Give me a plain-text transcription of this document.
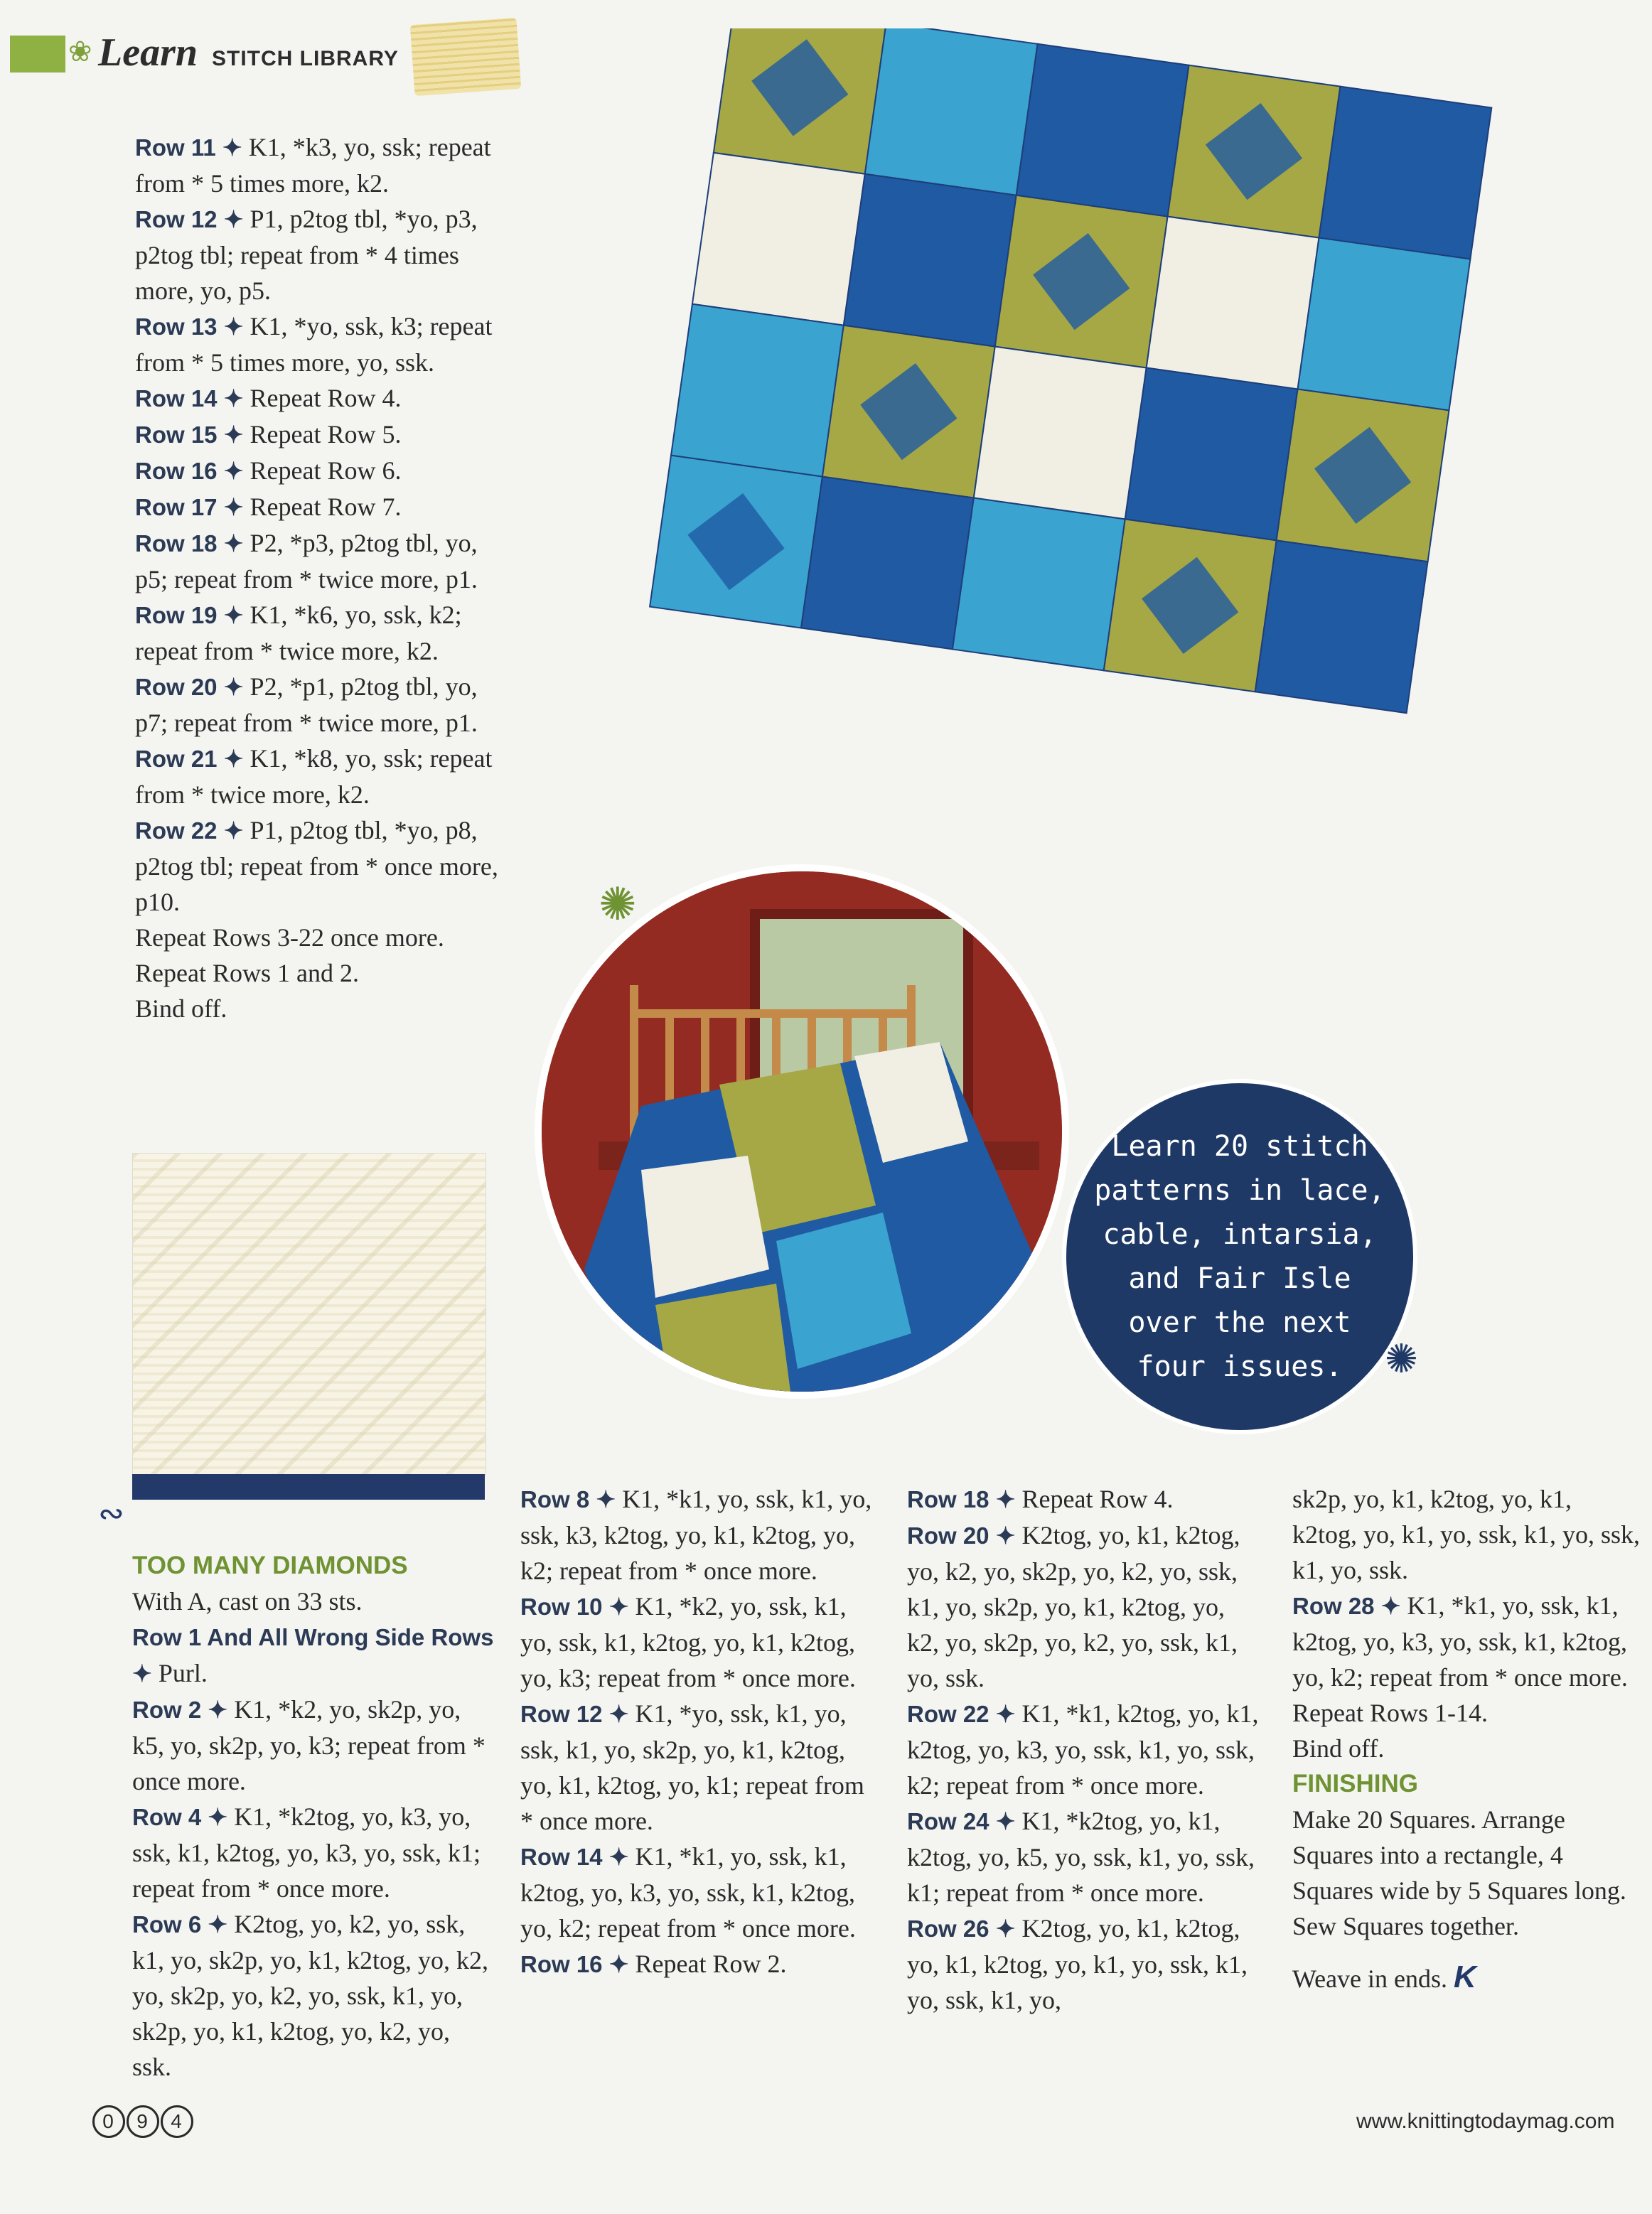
❀ Learn STITCH LIBRARY

Row 11 ✦ K1, *k3, yo, ssk; repeat from * 5 times more, k2.

Row 12 ✦ P1, p2tog tbl, *yo, p3, p2tog tbl; repeat from * 4 times more, yo, p5.

Row 13 ✦ K1, *yo, ssk, k3; repeat from * 5 times more, yo, ssk.

Row 14 ✦ Repeat Row 4.

Row 15 ✦ Repeat Row 5.

Row 16 ✦ Repeat Row 6.

Row 17 ✦ Repeat Row 7.

Row 18 ✦ P2, *p3, p2tog tbl, yo, p5; repeat from * twice more, p1.

Row 19 ✦ K1, *k6, yo, ssk, k2; repeat from * twice more, k2.

Row 20 ✦ P2, *p1, p2tog tbl, yo, p7; repeat from * twice more, p1.

Row 21 ✦ K1, *k8, yo, ssk; repeat from * twice more, k2.

Row 22 ✦ P1, p2tog tbl, *yo, p8, p2tog tbl; repeat from * once more, p10.

Repeat Rows 3-22 once more.

Repeat Rows 1 and 2.

Bind off.

∾
✺
Learn 20 stitch patterns in lace, cable, intarsia, and Fair Isle over the next four issues.	✺

TOO MANY DIAMONDS

With A, cast on 33 sts.

Row 1 And All Wrong Side Rows ✦ Purl.

Row 2 ✦ K1, *k2, yo, sk2p, yo, k5, yo, sk2p, yo, k3; repeat from * once more.

Row 4 ✦ K1, *k2tog, yo, k3, yo, ssk, k1, k2tog, yo, k3, yo, ssk, k1; repeat from * once more.

Row 6 ✦ K2tog, yo, k2, yo, ssk, k1, yo, sk2p, yo, k1, k2tog, yo, k2, yo, sk2p, yo, k2, yo, ssk, k1, yo, sk2p, yo, k1, k2tog, yo, k2, yo, ssk.

Row 8 ✦ K1, *k1, yo, ssk, k1, yo, ssk, k3, k2tog, yo, k1, k2tog, yo, k2; repeat from * once more.

Row 10 ✦ K1, *k2, yo, ssk, k1, yo, ssk, k1, k2tog, yo, k1, k2tog, yo, k3; repeat from * once more.

Row 12 ✦ K1, *yo, ssk, k1, yo, ssk, k1, yo, sk2p, yo, k1, k2tog, yo, k1, k2tog, yo, k1; repeat from * once more.

Row 14 ✦ K1, *k1, yo, ssk, k1, k2tog, yo, k3, yo, ssk, k1, k2tog, yo, k2; repeat from * once more.

Row 16 ✦ Repeat Row 2.

Row 18 ✦ Repeat Row 4.

Row 20 ✦ K2tog, yo, k1, k2tog, yo, k2, yo, sk2p, yo, k2, yo, ssk, k1, yo, sk2p, yo, k1, k2tog, yo, k2, yo, sk2p, yo, k2, yo, ssk, k1, yo, ssk.

Row 22 ✦ K1, *k1, k2tog, yo, k1, k2tog, yo, k3, yo, ssk, k1, yo, ssk, k2; repeat from * once more.

Row 24 ✦ K1, *k2tog, yo, k1, k2tog, yo, k5, yo, ssk, k1, yo, ssk, k1; repeat from * once more.

Row 26 ✦ K2tog, yo, k1, k2tog, yo, k1, k2tog, yo, k1, yo, ssk, k1, yo, ssk, k1, yo,

sk2p, yo, k1, k2tog, yo, k1, k2tog, yo, k1, yo, ssk, k1, yo, ssk, k1, yo, ssk.

Row 28 ✦ K1, *k1, yo, ssk, k1, k2tog, yo, k3, yo, ssk, k1, k2tog, yo, k2; repeat from * once more.

Repeat Rows 1-14.

Bind off.

FINISHING

Make 20 Squares. Arrange Squares into a rectangle, 4 Squares wide by 5 Squares long. Sew Squares together.

Weave in ends. K

0 9 4	www.knittingtodaymag.com
